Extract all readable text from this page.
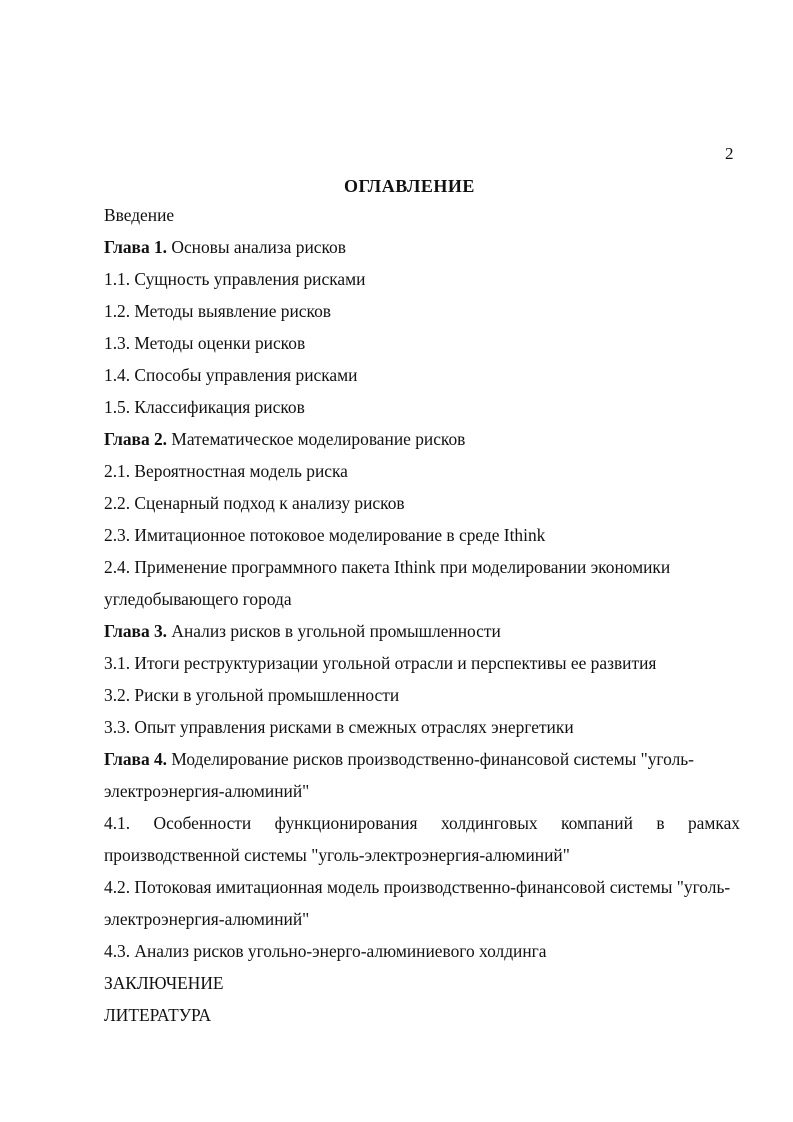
2
ОГЛАВЛЕНИЕ

Введение

Глава 1. Основы анализа рисков

1.1. Сущность управления рисками

1.2. Методы выявление рисков

1.3. Методы оценки рисков

1.4. Способы управления рисками

1.5. Классификация рисков

Глава 2. Математическое моделирование рисков

2.1. Вероятностная модель риска

2.2. Сценарный подход к анализу рисков

2.3. Имитационное потоковое моделирование в среде Ithink

2.4. Применение программного пакета Ithink при моделировании экономики угледобывающего города

Глава 3. Анализ рисков в угольной промышленности

3.1. Итоги реструктуризации угольной отрасли и перспективы ее развития

3.2. Риски в угольной промышленности

3.3. Опыт управления рисками в смежных отраслях энергетики

Глава 4. Моделирование рисков производственно-финансовой системы "уголь-электроэнергия-алюминий"

4.1. Особенности функционирования холдинговых компаний в рамках производственной системы "уголь-электроэнергия-алюминий"

4.2. Потоковая имитационная модель производственно-финансовой системы "уголь-электроэнергия-алюминий"

4.3. Анализ рисков угольно-энерго-алюминиевого холдинга

ЗАКЛЮЧЕНИЕ

ЛИТЕРАТУРА
